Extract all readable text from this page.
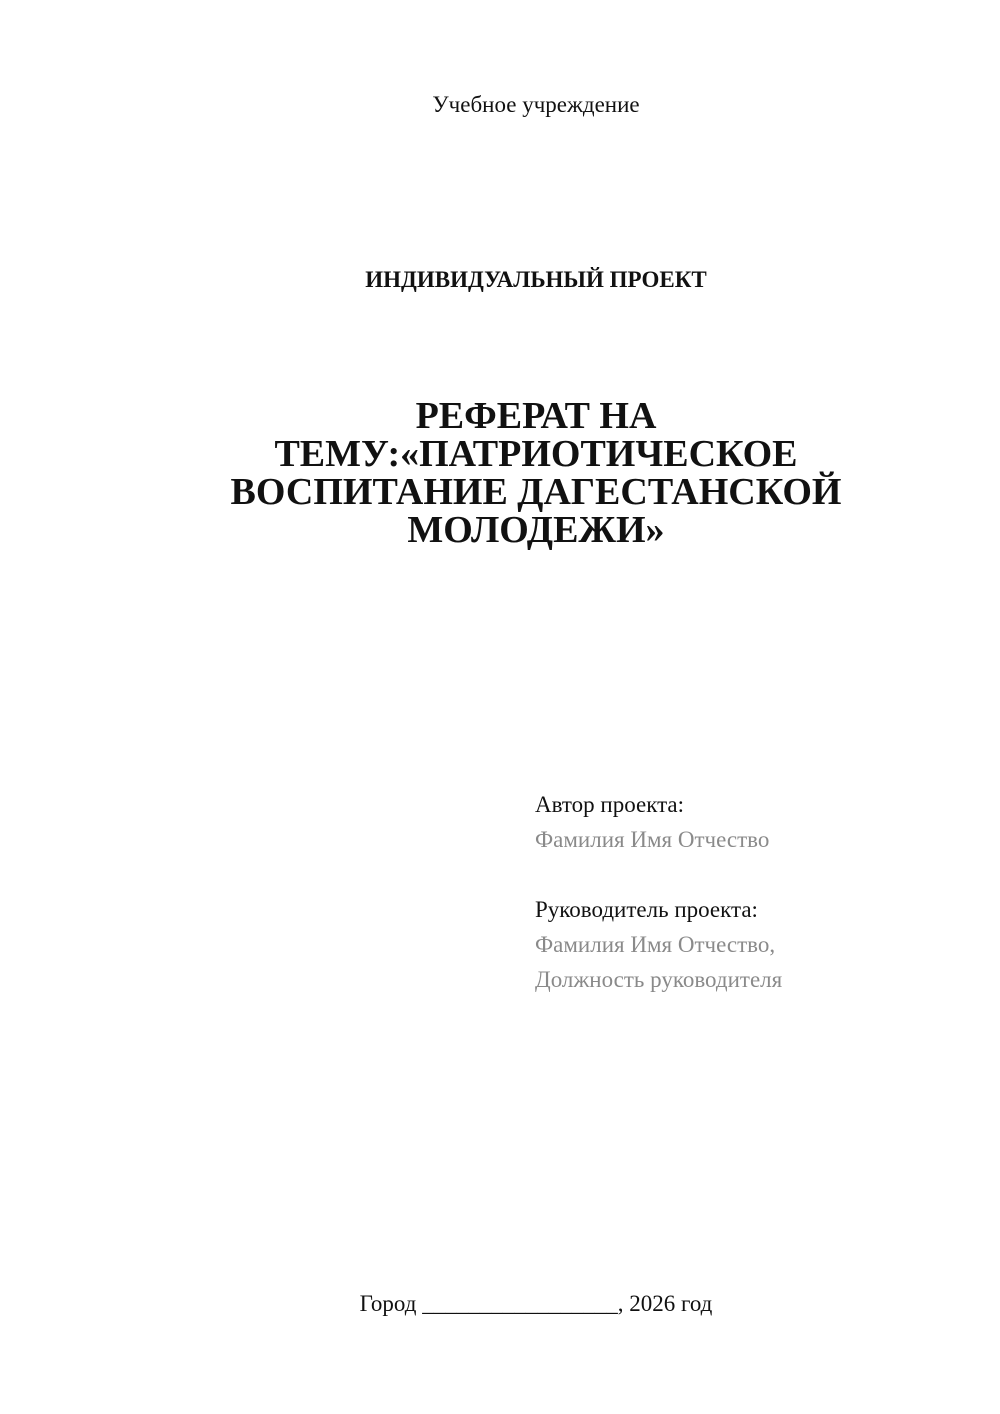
Учебное учреждение
ИНДИВИДУАЛЬНЫЙ ПРОЕКТ
РЕФЕРАТ НА
ТЕМУ:«ПАТРИОТИЧЕСКОЕ
ВОСПИТАНИЕ ДАГЕСТАНСКОЙ
МОЛОДЕЖИ»
Автор проекта:
Фамилия Имя Отчество
Руководитель проекта:
Фамилия Имя Отчество,
Должность руководителя
Город _________________, 2026 год
